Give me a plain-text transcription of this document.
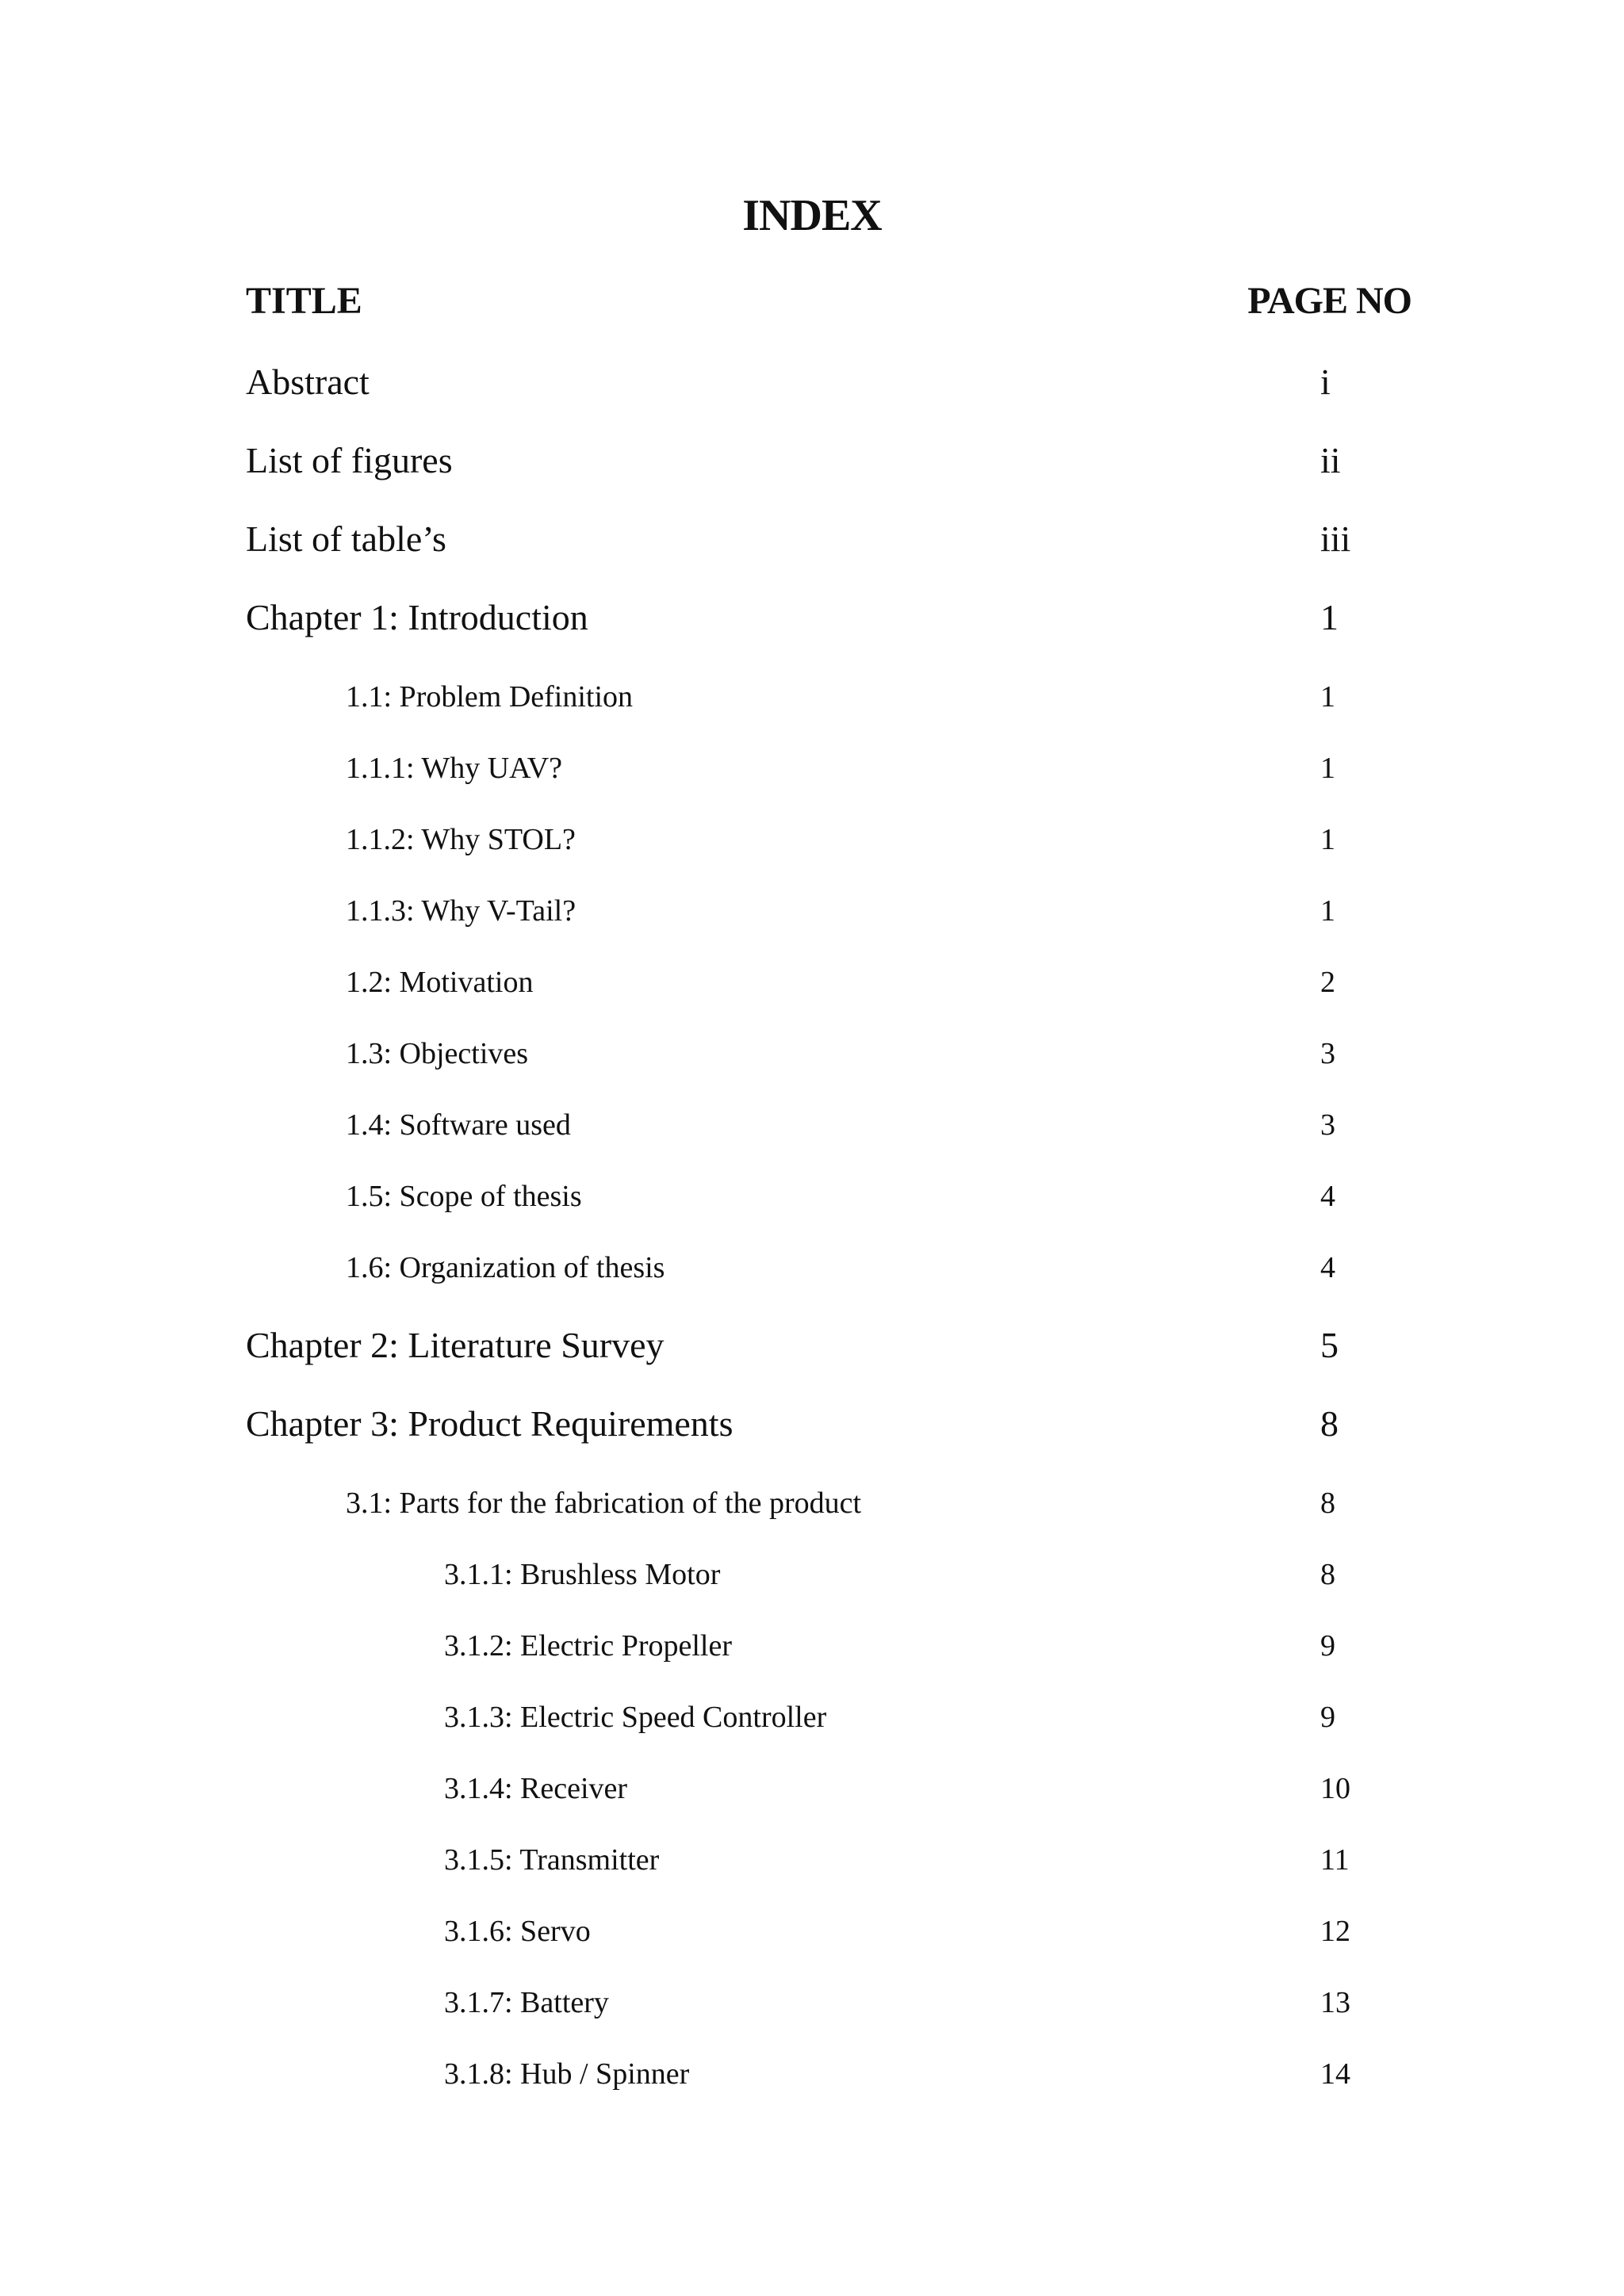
INDEX
TITLE	PAGE NO
Abstract	i
List of figures	ii
List of table’s	iii
Chapter 1: Introduction	1
1.1: Problem Definition	1
1.1.1: Why UAV?	1
1.1.2: Why STOL?	1
1.1.3: Why V-Tail?	1
1.2: Motivation	2
1.3: Objectives	3
1.4: Software used	3
1.5: Scope of thesis	4
1.6: Organization of thesis	4
Chapter 2: Literature Survey	5
Chapter 3: Product Requirements	8
3.1: Parts for the fabrication of the product	8
3.1.1: Brushless Motor	8
3.1.2: Electric Propeller	9
3.1.3: Electric Speed Controller	9
3.1.4: Receiver	10
3.1.5: Transmitter	11
3.1.6: Servo	12
3.1.7: Battery	13
3.1.8: Hub / Spinner	14
